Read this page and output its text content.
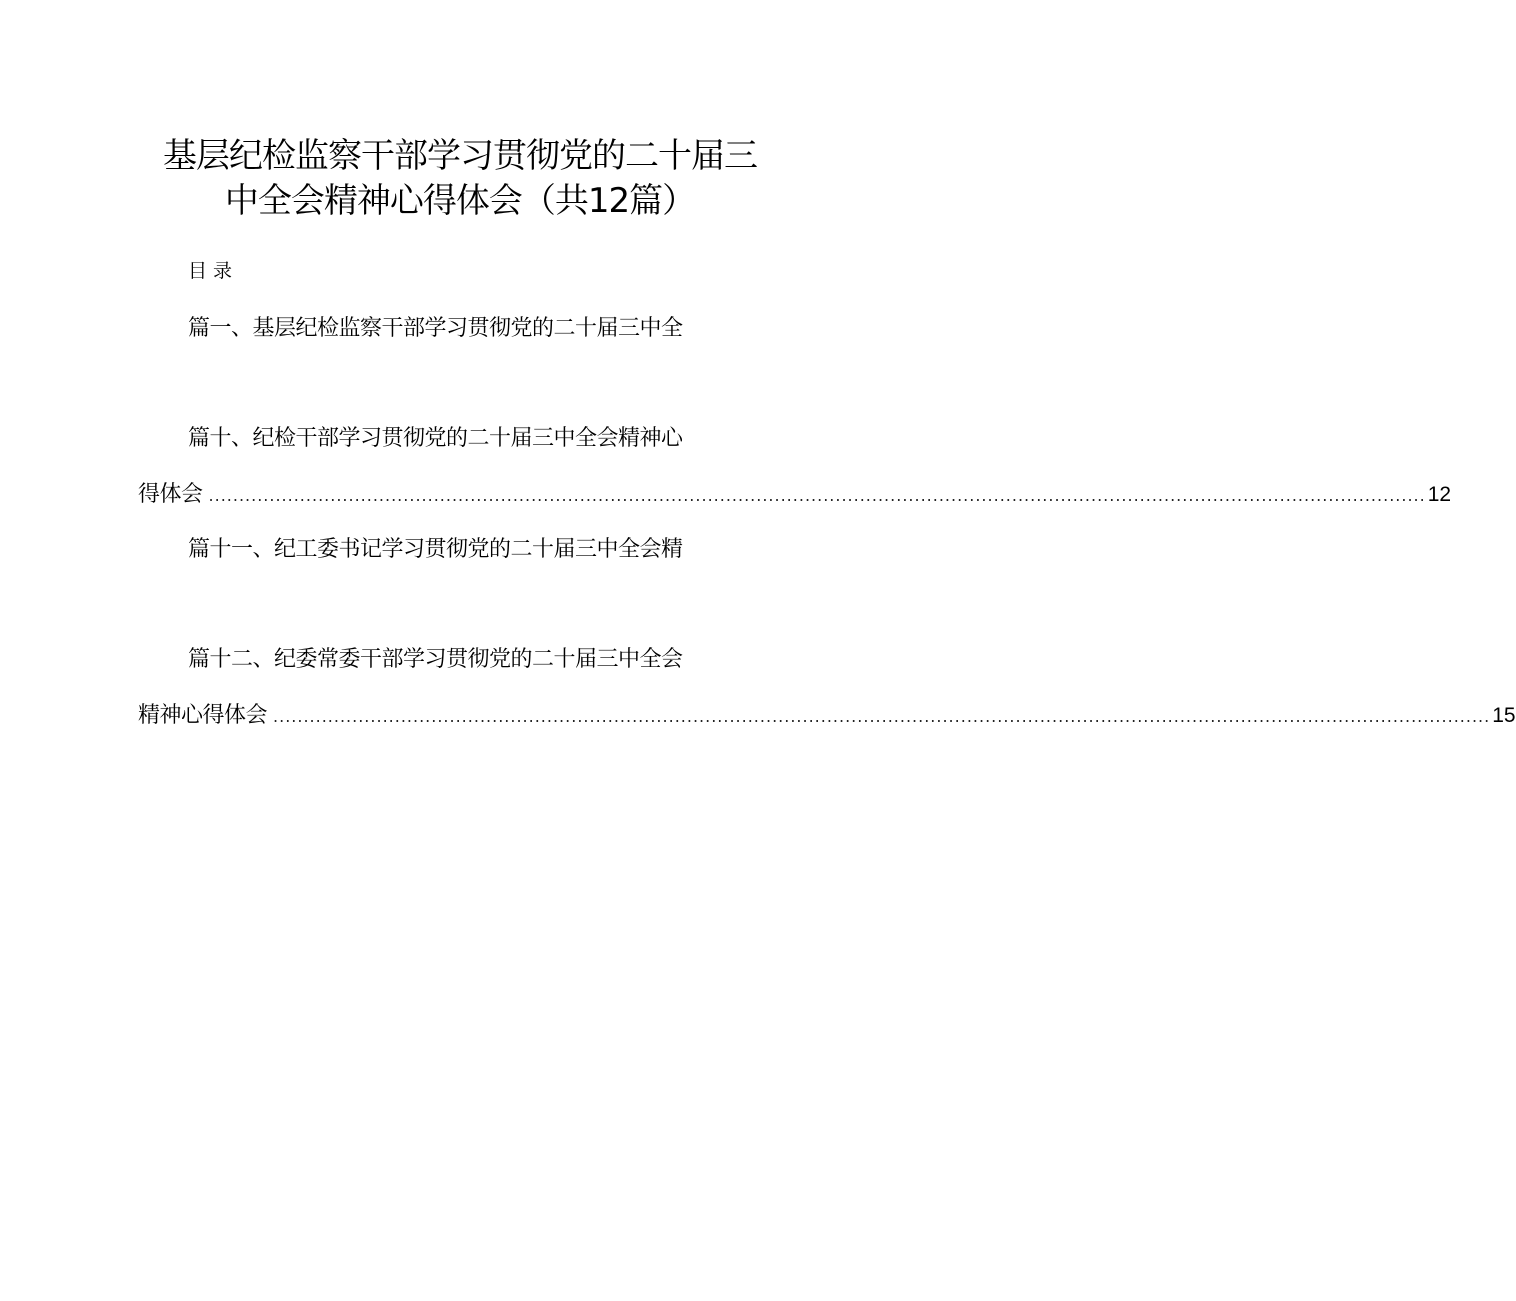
基层纪检监察干部学习贯彻党的二十届三
中全会精神心得体会（共12篇）
目录
篇一、基层纪检监察干部学习贯彻党的二十届三中全
篇十、纪检干部学习贯彻党的二十届三中全会精神心
得体会 ........................................................................................................................................................................................................ 12
篇十一、纪工委书记学习贯彻党的二十届三中全会精
篇十二、纪委常委干部学习贯彻党的二十届三中全会
精神心得体会 ........................................................................................................................................................................................................ 15
